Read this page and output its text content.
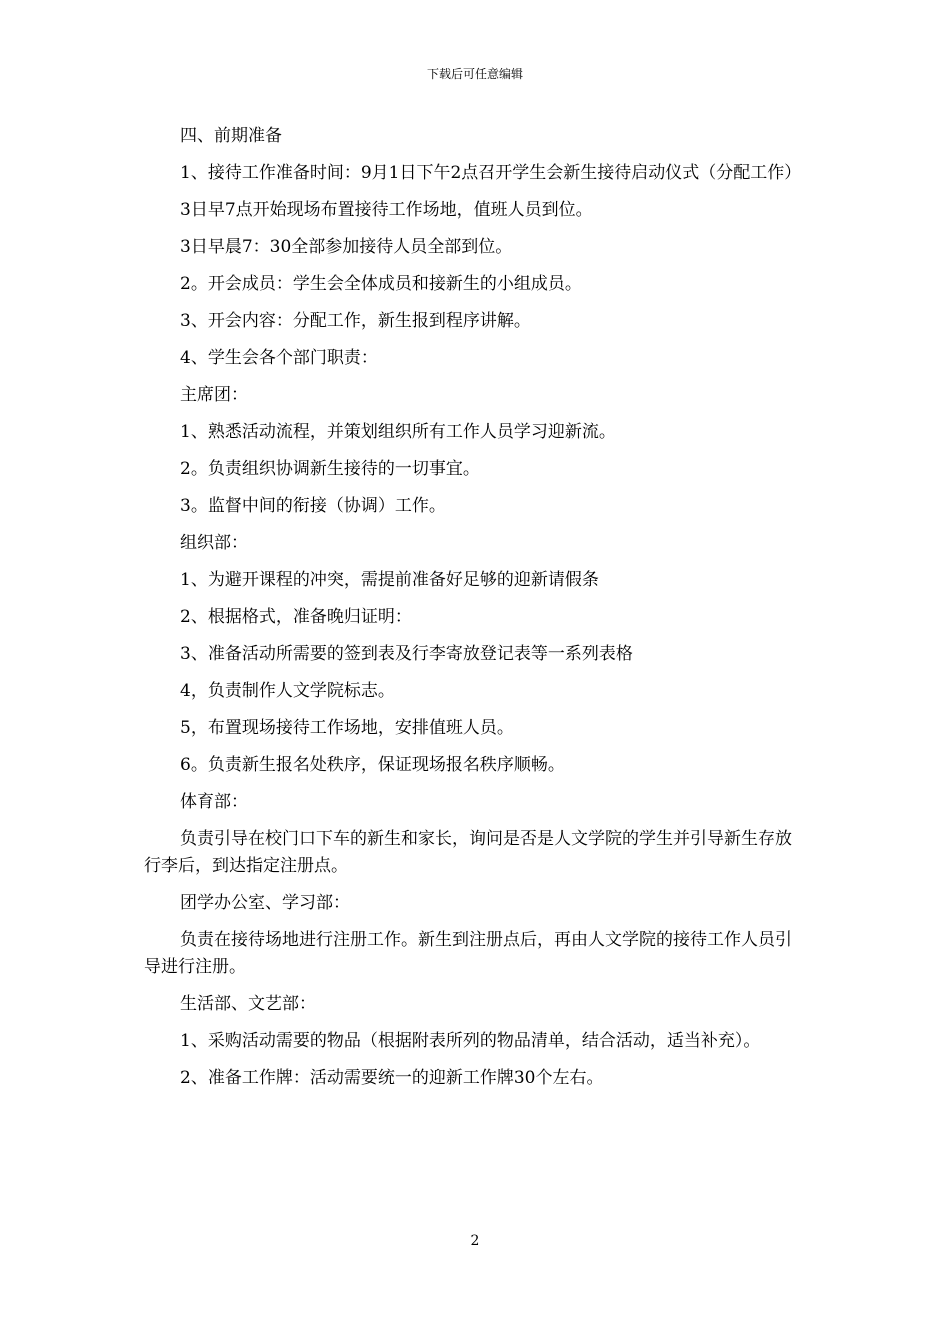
下载后可任意编辑

四、前期准备

1、接待工作准备时间：9月1日下午2点召开学生会新生接待启动仪式（分配工作）

3日早7点开始现场布置接待工作场地，值班人员到位。

3日早晨7：30全部参加接待人员全部到位。

2。开会成员：学生会全体成员和接新生的小组成员。

3、开会内容：分配工作，新生报到程序讲解。

4、学生会各个部门职责：

主席团：

1、熟悉活动流程，并策划组织所有工作人员学习迎新流。

2。负责组织协调新生接待的一切事宜。

3。监督中间的衔接（协调）工作。

组织部：

1、为避开课程的冲突，需提前准备好足够的迎新请假条

2、根据格式，准备晚归证明：

3、准备活动所需要的签到表及行李寄放登记表等一系列表格

4，负责制作人文学院标志。

5，布置现场接待工作场地，安排值班人员。

6。负责新生报名处秩序，保证现场报名秩序顺畅。

体育部：

负责引导在校门口下车的新生和家长，询问是否是人文学院的学生并引导新生存放行李后，到达指定注册点。

团学办公室、学习部：

负责在接待场地进行注册工作。新生到注册点后，再由人文学院的接待工作人员引导进行注册。

生活部、文艺部：

1、采购活动需要的物品（根据附表所列的物品清单，结合活动，适当补充）。

2、准备工作牌：活动需要统一的迎新工作牌30个左右。

2
